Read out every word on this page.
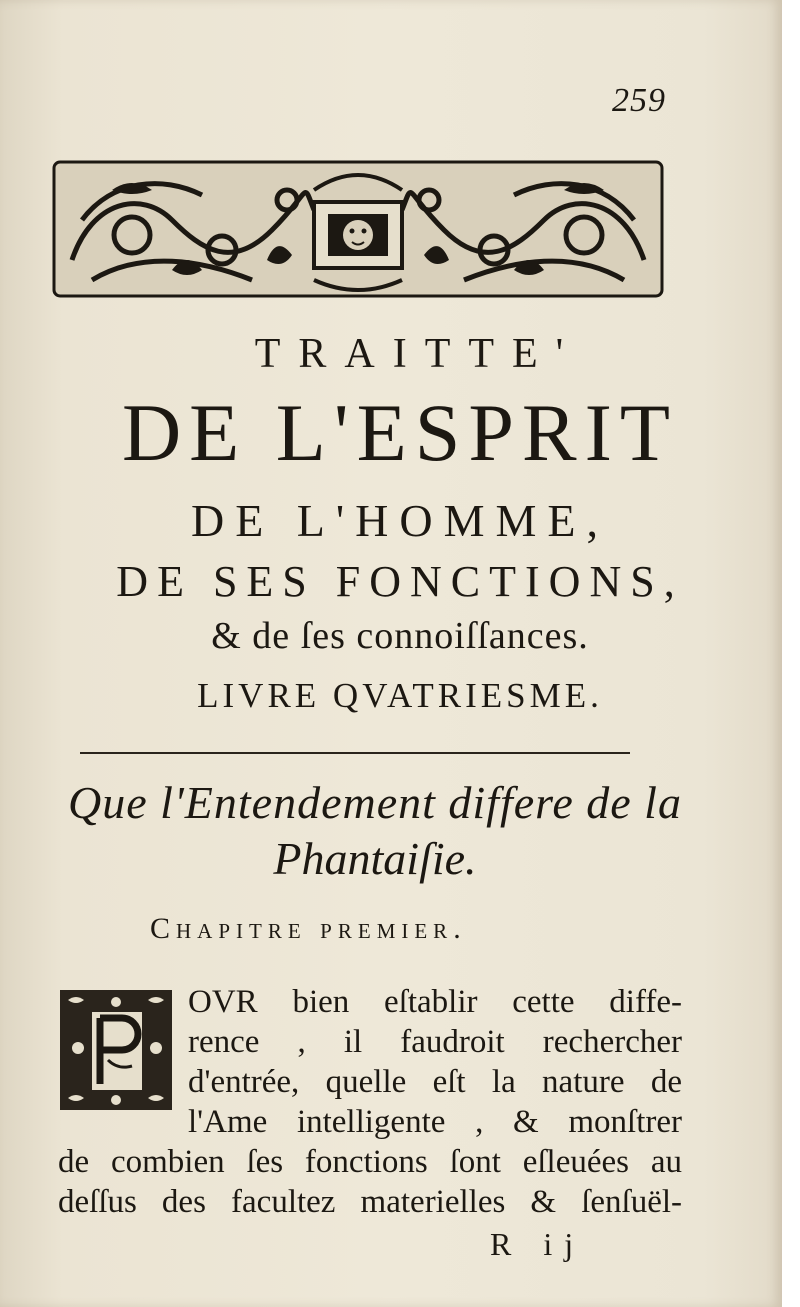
259
TRAITTE'
DE L'ESPRIT
DE L'HOMME,
DE SES FONCTIONS,
& de ſes connoiſſances.
LIVRE QVATRIESME.
Que l'Entendement differe de la
Phantaiſie.
Chapitre premier.
OVR bien eſtablir cette diffe-
rence , il faudroit rechercher
d'entrée, quelle eſt la nature de
l'Ame intelligente , & monſtrer
de combien ſes fonctions ſont eſleuées au
deſſus des facultez materielles & ſenſuël-
R ij
